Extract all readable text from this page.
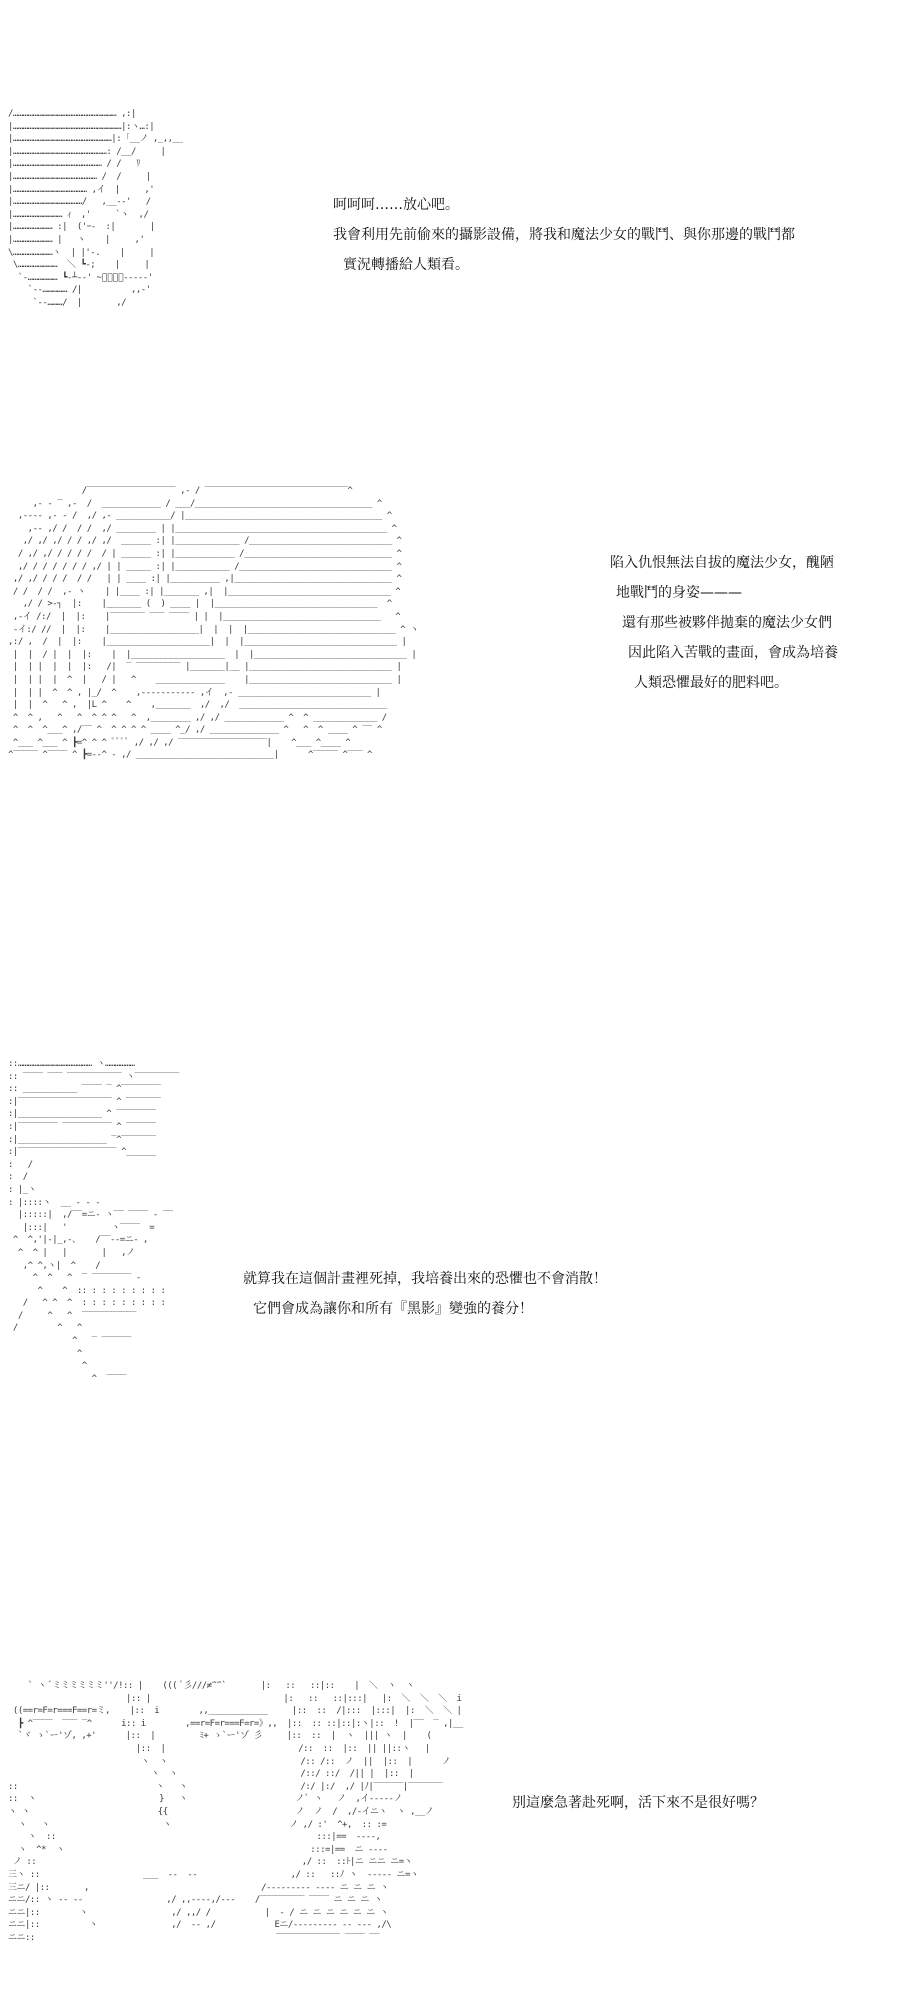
/……………………………………………………… ,:|
|…………………………………………………………|:ヽ…:|
|……………………………………………………|:「__ノ ,_,,__
|…………………………………………………: /__/     |
|……………………………………………… / /   ﾘ
|…………………………………………… /  /     |
|……………………………………… ,イ  |     ,'
|……………………………………/   ,__-‐'   /
|………………………… ｨ  ,'     `ヽ  ,/
|…………………… :|  ('ｰ-  :|       |
|…………………… |   ヽ    |     ,'
\……………………ヽ  | |'-.    |     |
\……………………  ＼ ┗-;    |     |
`-……………… ┗-┴-‐' ~ﾟﾟﾟﾟ-----'
`‐-…………… /|          ,,-'
`‐-………/  |       ,/
呵呵呵……放心吧。
我會利用先前偷來的攝影設備，將我和魔法少女的戰鬥、與你那邊的戰鬥都
實況轉播給人類看。
/‾‾‾‾‾‾‾‾‾‾‾‾‾‾‾‾‾‾ ,- / ‾‾‾‾‾‾‾‾‾‾‾‾‾‾‾‾‾‾‾‾‾‾‾‾‾‾‾‾‾^
,- ‐ ‾ ,-  /  ____________ / ___/____________________________________ ^
,--‐‐ ,- ‐ /  ,/ ,‐ ___________/ |________________________________________ ^
,-‐ ,/ /  / /  ,/ ________ | |___________________________________________ ^
,/ ,/ ,/ / / ,/ ,/  ______ :| |_____________ /_____________________________ ^
/ ,/ ,/ / / / /  / | ______ :| |____________ /______________________________ ^
,/ / / / / / / ,/ | | _____ :| |___________ /_______________________________ ^
,/ ,/ / / /  / /   | | ____ :| |__________ ,|________________________________ ^
/ /  / /  ,‐ ヽ    | |____ :| |_______ ,|  |_________________________________ ^
,/ / >-┐  |:    |_______ (  ) ____ |  |_________________________________  ^
,-イ /:/  |  |:    |‾‾‾‾‾‾‾ ‾‾‾ ‾‾‾‾ | |  |________________________________   ^
-イ:/ //  |  |:    |__________________|  |  |  |______________________________ ^ ヽ
,:/ ,  /  |  |:    |_____________________|  |  |_______________________________ |
|  |  / |  |  |:    |  |___________________  |  |_______________________________ |
|  | |  |  |  |:   /|  ‾ ‾‾‾‾‾‾‾‾‾ |_______|__ |_____________________________ |
|  | |  |  ^  |   / |   ^    ______________    |_____________________________ |
|  | |  ^  ^ , |_/  ^    ,----------- ,イ  ,‐ ___________________________ |
|  |  ^   ^ ,  |L ^    ^    ,_______  ,/  ,/  ______________________________
^  ^ ,   ^   ^  ^ ^ ^   ^  ,________ ,/ ,/ ____________ ^  ^ _____________ /
^  ^  ^___^ ,/‾‾ ^  ^ ^ ^ ^ ____ ^_/ ,/ ______________ ^   ^  ^ ____ ^ ‾‾ ^
^___ ^___ ^ ┣=^ ^ ^ ﾟﾟﾟﾟ ,/ ,/ ,/ ‾‾‾‾‾‾‾‾‾‾‾‾‾‾‾‾‾‾|    ^___ ^____ ^
^‾‾‾‾‾ ^‾‾‾‾ ^ ┣=‐-^ ‐ ,/ ____________________________|      ^‾‾‾‾‾ ^‾‾‾ ^
陷入仇恨無法自拔的魔法少女，醜陋
地戰鬥的身姿———
還有那些被夥伴拋棄的魔法少女們
因此陷入苦戰的畫面，會成為培養
人類恐懼最好的肥料吧。
::……………………………………… ヽ………………
:: ‾‾‾‾ ‾‾‾ ‾‾‾‾‾‾‾‾‾‾‾ ヽ‾‾‾‾‾‾‾‾‾
:: ___________ ‾‾‾‾ ‾ ^‾‾‾‾‾‾‾‾
:|‾‾‾‾‾‾‾‾‾‾‾‾‾‾‾‾‾‾‾ ^ ‾‾‾‾‾‾‾
:|_________________ ^ ‾‾‾‾‾‾‾‾
:|‾‾‾‾‾‾‾‾ ‾‾‾‾‾‾‾‾‾‾ ^ ‾‾‾‾‾‾
:|__________________ ‾^‾‾‾‾‾‾‾
:|‾‾‾‾‾‾‾‾‾‾‾‾‾‾‾‾‾‾‾‾ ^______
:   /
:  /
: |_ヽ
: |::::ヽ  __ ‐ ‐ ‐
|:::::|  ,/‾‾=ニ- ヽ‾‾ ‾‾‾‾ ‐ ‾‾
|:::|   '         ヽ‾‾‾‾  =
^  ^,'|-|_,-、   /‾‾‐‐=ニ- ,
^  ^ |   |       |   ,ノ
,^ ^,ヽ|  ^    /
^  ^   ^  ‾ ‾‾‾‾‾‾‾‾ ‐
^    ^  :: : : : : : : : :
/   ^ ^  ^  : : : : : : : : :
/     ^   ^  ‾‾‾‾‾‾‾‾‾‾‾
/        ^   ^
^   ‾ ‾‾‾‾‾‾
^
^
^  ‾‾‾‾
就算我在這個計畫裡死掉，我培養出來的恐懼也不會消散！
它們會成為讓你和所有『黑影』變強的養分！
` ヽ ﾞミミミミミミ''/!:: |    ((( ﾞ彡///≠‴‴`       |:   ::   ::|::    |  ＼  ヽ  ヽ
|:: |                           |:   ::   ::|:::|   |:  ＼  ＼  ＼  i
((==r=F=r===F==r=ミ,    |::  i        ,,____________     |::  ::  /|:::  |:::|  |:  ＼  ＼ |
┣ ^‾‾‾‾  ‾‾‾ ‾^      i:: i        ,==r=F=r===F=r=》,,  |::  :: ::|::|:ヽ|::  !  |‾‾  ‾ ,|__
`ヾ ゝ`ー'ゾ, ,+'      |::  |         ﾐ+ ゝ`ー'ゾ 彡     |::  ::  |  ヽ  ||| ヽ  |    (
|::  |                           /::  ::  |::  || ||::ヽ   |
ヽ  ヽ                           /:: /::  ノ  ||  |::  |      ノ
ヽ  ヽ                         /::/ ::/  /|| |  |::  |
::                            ヽ   ヽ                       /:/ |:/  ,/ |ﾉ|‾‾‾‾‾‾|‾‾‾‾‾‾‾
::  ヽ                         }   ヽ                      ノ` ヽ   ノ  ,イ-‐‐‐‐ノ
ヽ ヽ                          {{                          ノ  ノ  /  ,/-イニヽ  ヽ ,__ノ
ヽ   ヽ                       ヽ                        ノ ,/ :'  ^+,  :: :=
ヽ  ::                                                     :::|==  ‐‐‐‐,
ヽ  ^*  ヽ                                                  :::=|==  ニ ‐‐‐‐
ノ ::                                                      ,/ ::  ::ﾄ|ニ ニニ ニ=ヽ
三ヽ ::                     ___  ‐‐  ‐‐                   ,/ ::   ::ﾉ ヽ  ‐‐‐‐‐ ニ=ヽ
三ニ/ |::       ,                                   /‐‐‐‐‐‐‐‐‐ ‐‐‐‐ ニ ニ ニ ヽ
ニニ/:: ヽ ‐‐ ‐‐                 ,/ ,,--‐‐,/‐‐‐    /‾‾‾‾‾‾‾‾‾ ‾‾‾‾ ニ ニ ニ ヽ
ニニ|::        ヽ                 ,/ ,,/ /           |  ‐ / ニ ニ ニ ニ ニ ニ ヽ
ニニ|::          ヽ               ,/  ‐‐ ,/            Eニ/‐‐‐‐‐‐‐‐‐ ‐‐ ‐‐‐ ,/\
ニニ::                                                 ‾‾‾‾‾‾‾‾‾‾‾‾‾ ‾‾‾‾ ‾‾
別這麼急著赴死啊，活下來不是很好嗎？
